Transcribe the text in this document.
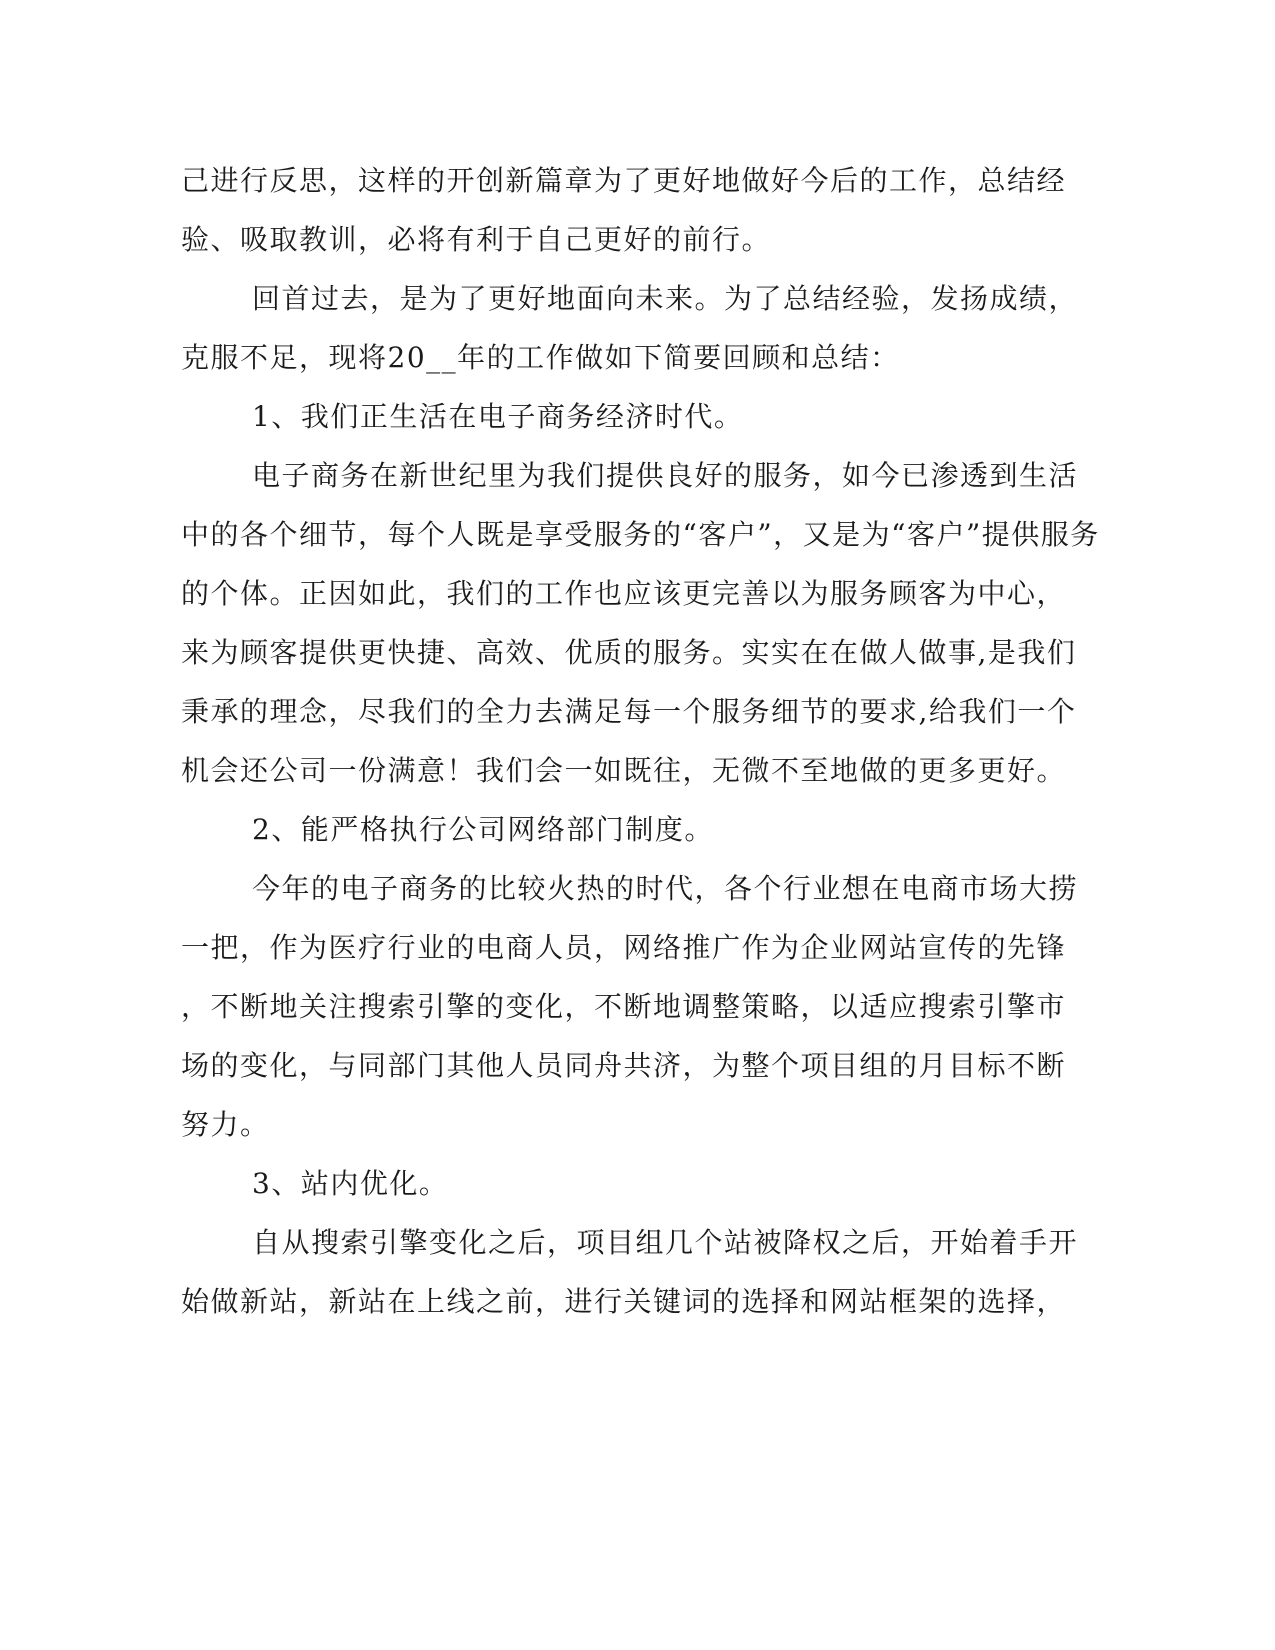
己进行反思，这样的开创新篇章为了更好地做好今后的工作，总结经
验、吸取教训，必将有利于自己更好的前行。
回首过去，是为了更好地面向未来。为了总结经验，发扬成绩，
克服不足，现将20__年的工作做如下简要回顾和总结：
1、我们正生活在电子商务经济时代。
电子商务在新世纪里为我们提供良好的服务，如今已渗透到生活
中的各个细节，每个人既是享受服务的“客户”，又是为“客户”提供服务
的个体。正因如此，我们的工作也应该更完善以为服务顾客为中心，
来为顾客提供更快捷、高效、优质的服务。实实在在做人做事,是我们
秉承的理念，尽我们的全力去满足每一个服务细节的要求,给我们一个
机会还公司一份满意！我们会一如既往，无微不至地做的更多更好。
2、能严格执行公司网络部门制度。
今年的电子商务的比较火热的时代，各个行业想在电商市场大捞
一把，作为医疗行业的电商人员，网络推广作为企业网站宣传的先锋
，不断地关注搜索引擎的变化，不断地调整策略，以适应搜索引擎市
场的变化，与同部门其他人员同舟共济，为整个项目组的月目标不断
努力。
3、站内优化。
自从搜索引擎变化之后，项目组几个站被降权之后，开始着手开
始做新站，新站在上线之前，进行关键词的选择和网站框架的选择，
